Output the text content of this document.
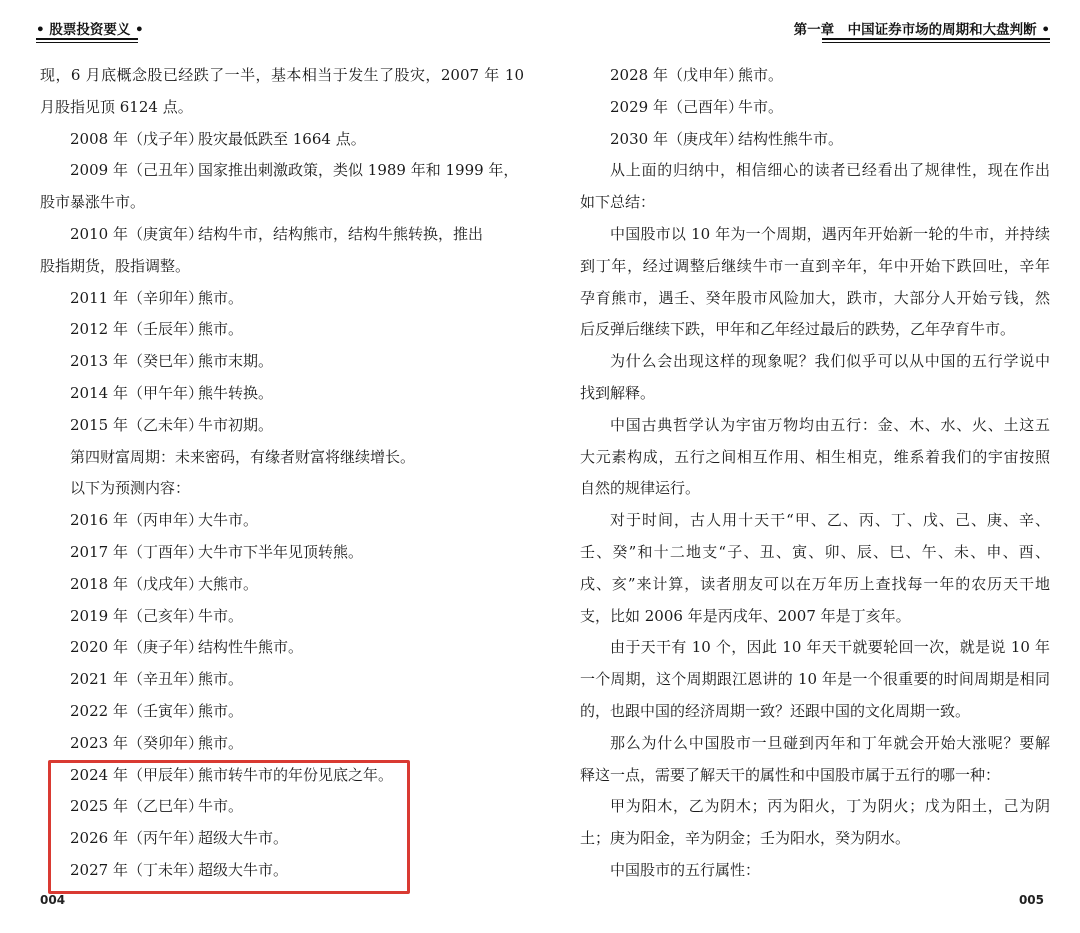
• 股票投资要义 •
现，6 月底概念股已经跌了一半，基本相当于发生了股灾，2007 年 10
月股指见顶 6124 点。
2008 年（戊子年）
股灾最低跌至 1664 点。
2009 年（己丑年）
国家推出刺激政策，类似 1989 年和 1999 年，
股市暴涨牛市。
2010 年（庚寅年）
结构牛市，结构熊市，结构牛熊转换，推出
股指期货，股指调整。
2011 年（辛卯年）
熊市。
2012 年（壬辰年）
熊市。
2013 年（癸巳年）
熊市末期。
2014 年（甲午年）
熊牛转换。
2015 年（乙未年）
牛市初期。
第四财富周期：未来密码，有缘者财富将继续增长。
以下为预测内容：
2016 年（丙申年）
大牛市。
2017 年（丁酉年）
大牛市下半年见顶转熊。
2018 年（戊戌年）
大熊市。
2019 年（己亥年）
牛市。
2020 年（庚子年）
结构性牛熊市。
2021 年（辛丑年）
熊市。
2022 年（壬寅年）
熊市。
2023 年（癸卯年）
熊市。
2024 年（甲辰年）
熊市转牛市的年份见底之年。
2025 年（乙巳年）
牛市。
2026 年（丙午年）
超级大牛市。
2027 年（丁未年）
超级大牛市。
004
第一章　中国证券市场的周期和大盘判断 •
2028 年（戊申年）
熊市。
2029 年（己酉年）
牛市。
2030 年（庚戌年）
结构性熊牛市。
从上面的归纳中，相信细心的读者已经看出了规律性，现在作出
如下总结：
中国股市以 10 年为一个周期，遇丙年开始新一轮的牛市，并持续
到丁年，经过调整后继续牛市一直到辛年，年中开始下跌回吐，辛年
孕育熊市，遇壬、癸年股市风险加大，跌市，大部分人开始亏钱，然
后反弹后继续下跌，甲年和乙年经过最后的跌势，乙年孕育牛市。
为什么会出现这样的现象呢？我们似乎可以从中国的五行学说中
找到解释。
中国古典哲学认为宇宙万物均由五行：金、木、水、火、土这五
大元素构成，五行之间相互作用、相生相克，维系着我们的宇宙按照
自然的规律运行。
对于时间，古人用十天干“甲、乙、丙、丁、戊、己、庚、辛、
壬、癸”和十二地支“子、丑、寅、卯、辰、巳、午、未、申、酉、
戌、亥”来计算，读者朋友可以在万年历上查找每一年的农历天干地
支，比如 2006 年是丙戌年、2007 年是丁亥年。
由于天干有 10 个，因此 10 年天干就要轮回一次，就是说 10 年
一个周期，这个周期跟江恩讲的 10 年是一个很重要的时间周期是相同
的，也跟中国的经济周期一致？还跟中国的文化周期一致。
那么为什么中国股市一旦碰到丙年和丁年就会开始大涨呢？要解
释这一点，需要了解天干的属性和中国股市属于五行的哪一种：
甲为阳木，乙为阴木；丙为阳火，丁为阴火；戊为阳土，己为阴
土；庚为阳金，辛为阴金；壬为阳水，癸为阴水。
中国股市的五行属性：
005
